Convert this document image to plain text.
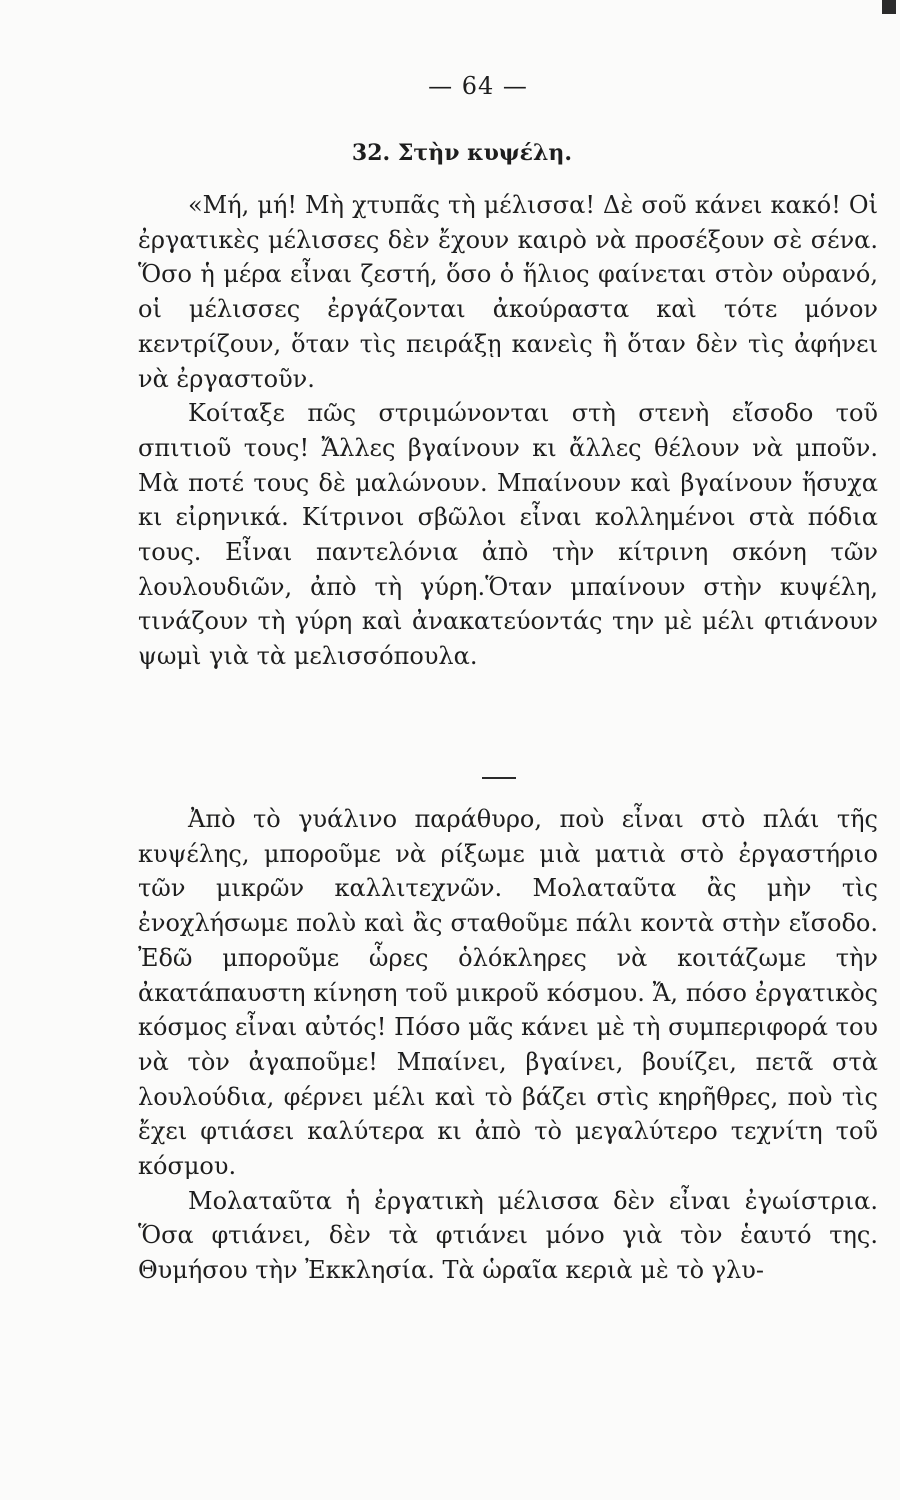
— 64 —
32. Στὴν κυψέλη.

«Μή, μή! Μὴ χτυπᾶς τὴ μέλισσα! Δὲ σοῦ κάνει κακό! Οἱ ἐργατικὲς μέλισσες δὲν ἔχουν καιρὸ νὰ προσέξουν σὲ σένα. Ὅσο ἡ μέρα εἶναι ζεστή, ὅσο ὁ ἥλιος φαίνεται στὸν οὐρανό, οἱ μέλισσες ἐργάζονται ἀκούραστα καὶ τότε μόνον κεντρίζουν, ὅταν τὶς πειράξῃ κανεὶς ἢ ὅταν δὲν τὶς ἀφήνει νὰ ἐργαστοῦν.

Κοίταξε πῶς στριμώνονται στὴ στενὴ εἴσοδο τοῦ σπιτιοῦ τους! Ἄλλες βγαίνουν κι ἄλλες θέλουν νὰ μποῦν. Μὰ ποτέ τους δὲ μαλώνουν. Μπαίνουν καὶ βγαίνουν ἥσυχα κι εἰρηνικά. Κίτρινοι σβῶλοι εἶναι κολλημένοι στὰ πόδια τους. Εἶναι παντελόνια ἀπὸ τὴν κίτρινη σκόνη τῶν λουλουδιῶν, ἀπὸ τὴ γύρη.Ὅταν μπαίνουν στὴν κυψέλη, τινάζουν τὴ γύρη καὶ ἀνακατεύοντάς την μὲ μέλι φτιάνουν ψωμὶ γιὰ τὰ μελισσόπουλα.

Ἀπὸ τὸ γυάλινο παράθυρο, ποὺ εἶναι στὸ πλάι τῆς κυψέλης, μποροῦμε νὰ ρίξωμε μιὰ ματιὰ στὸ ἐργαστήριο τῶν μικρῶν καλλιτεχνῶν. Μολαταῦτα ἂς μὴν τὶς ἐνοχλήσωμε πολὺ καὶ ἂς σταθοῦμε πάλι κοντὰ στὴν εἴσοδο. Ἐδῶ μποροῦμε ὧρες ὁλόκληρες νὰ κοιτάζωμε τὴν ἀκατάπαυστη κίνηση τοῦ μικροῦ κόσμου. Ἄ, πόσο ἐργατικὸς κόσμος εἶναι αὐτός! Πόσο μᾶς κάνει μὲ τὴ συμπεριφορά του νὰ τὸν ἀγαποῦμε! Μπαίνει, βγαίνει, βουίζει, πετᾶ στὰ λουλούδια, φέρνει μέλι καὶ τὸ βάζει στὶς κηρῆθρες, ποὺ τὶς ἔχει φτιάσει καλύτερα κι ἀπὸ τὸ μεγαλύτερο τεχνίτη τοῦ κόσμου.

Μολαταῦτα ἡ ἐργατικὴ μέλισσα δὲν εἶναι ἐγωίστρια. Ὅσα φτιάνει, δὲν τὰ φτιάνει μόνο γιὰ τὸν ἑαυτό της. Θυμήσου τὴν Ἐκκλησία. Τὰ ὡραῖα κεριὰ μὲ τὸ γλυ-
